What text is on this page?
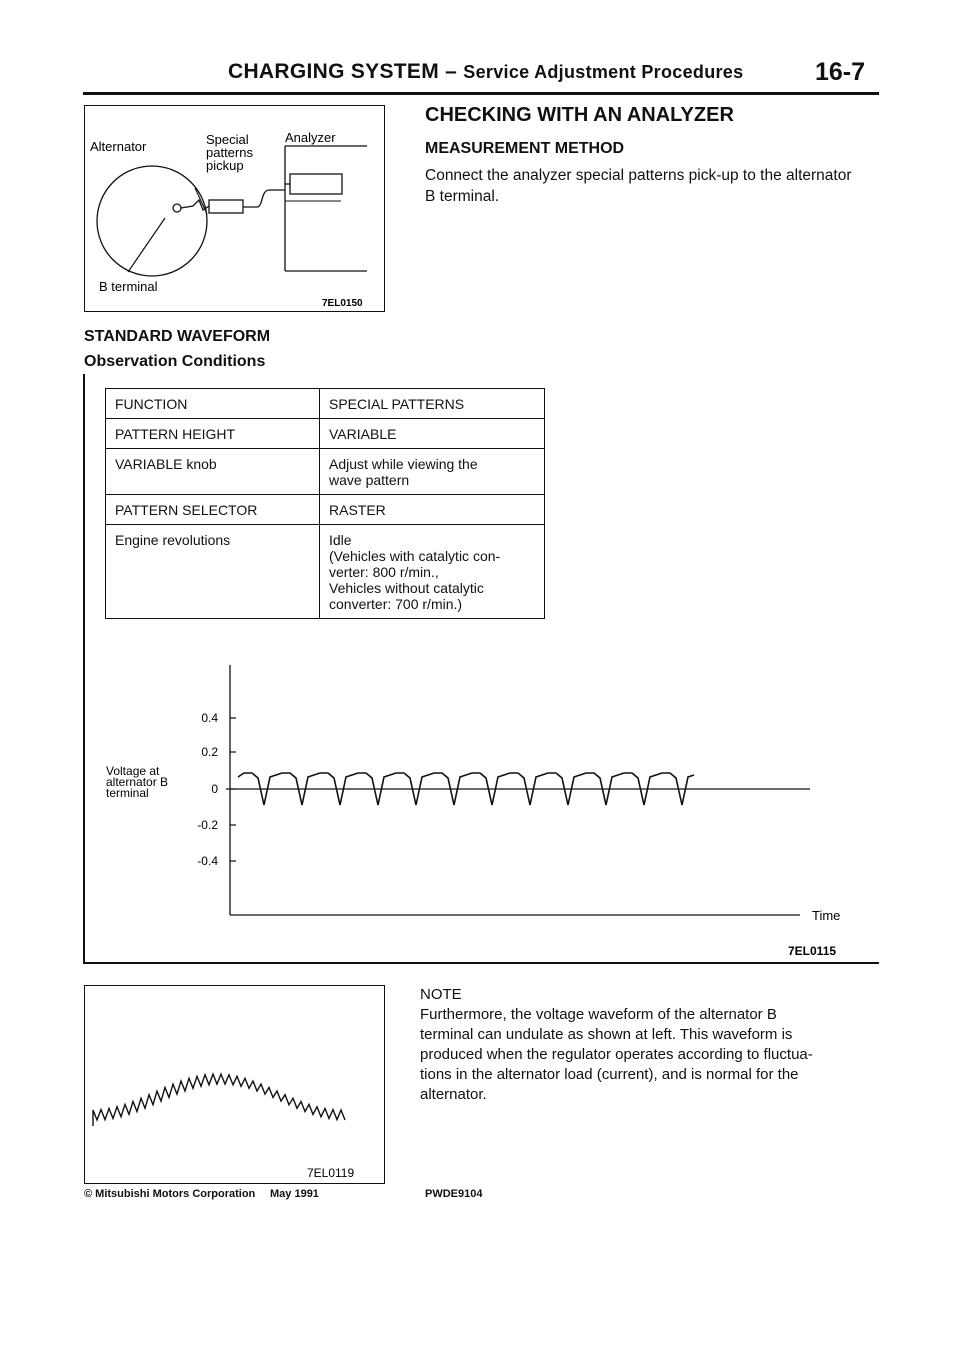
CHARGING SYSTEM – Service Adjustment Procedures	16-7
Alternator	Special
patterns
pickup
Analyzer
B terminal
7EL0150
CHECKING WITH AN ANALYZER
MEASUREMENT METHOD
Connect the analyzer special patterns pick-up to the alternator
B terminal.
STANDARD WAVEFORM
Observation Conditions
FUNCTION	SPECIAL PATTERNS

PATTERN HEIGHT	VARIABLE

VARIABLE knob	Adjust while viewing the
wave pattern

PATTERN SELECTOR	RASTER

Engine revolutions	Idle
(Vehicles with catalytic con-
verter: 800 r/min.,
Vehicles without catalytic
converter: 700 r/min.)
0.4
0.2
0
-0.2
-0.4
Voltage at
alternator B
terminal
Time
7EL0115
7EL0119
NOTE
Furthermore, the voltage waveform of the alternator B
terminal can undulate as shown at left. This waveform is
produced when the regulator operates according to fluctua-
tions in the alternator load (current), and is normal for the
alternator.
© Mitsubishi Motors Corporation May 1991	PWDE9104
